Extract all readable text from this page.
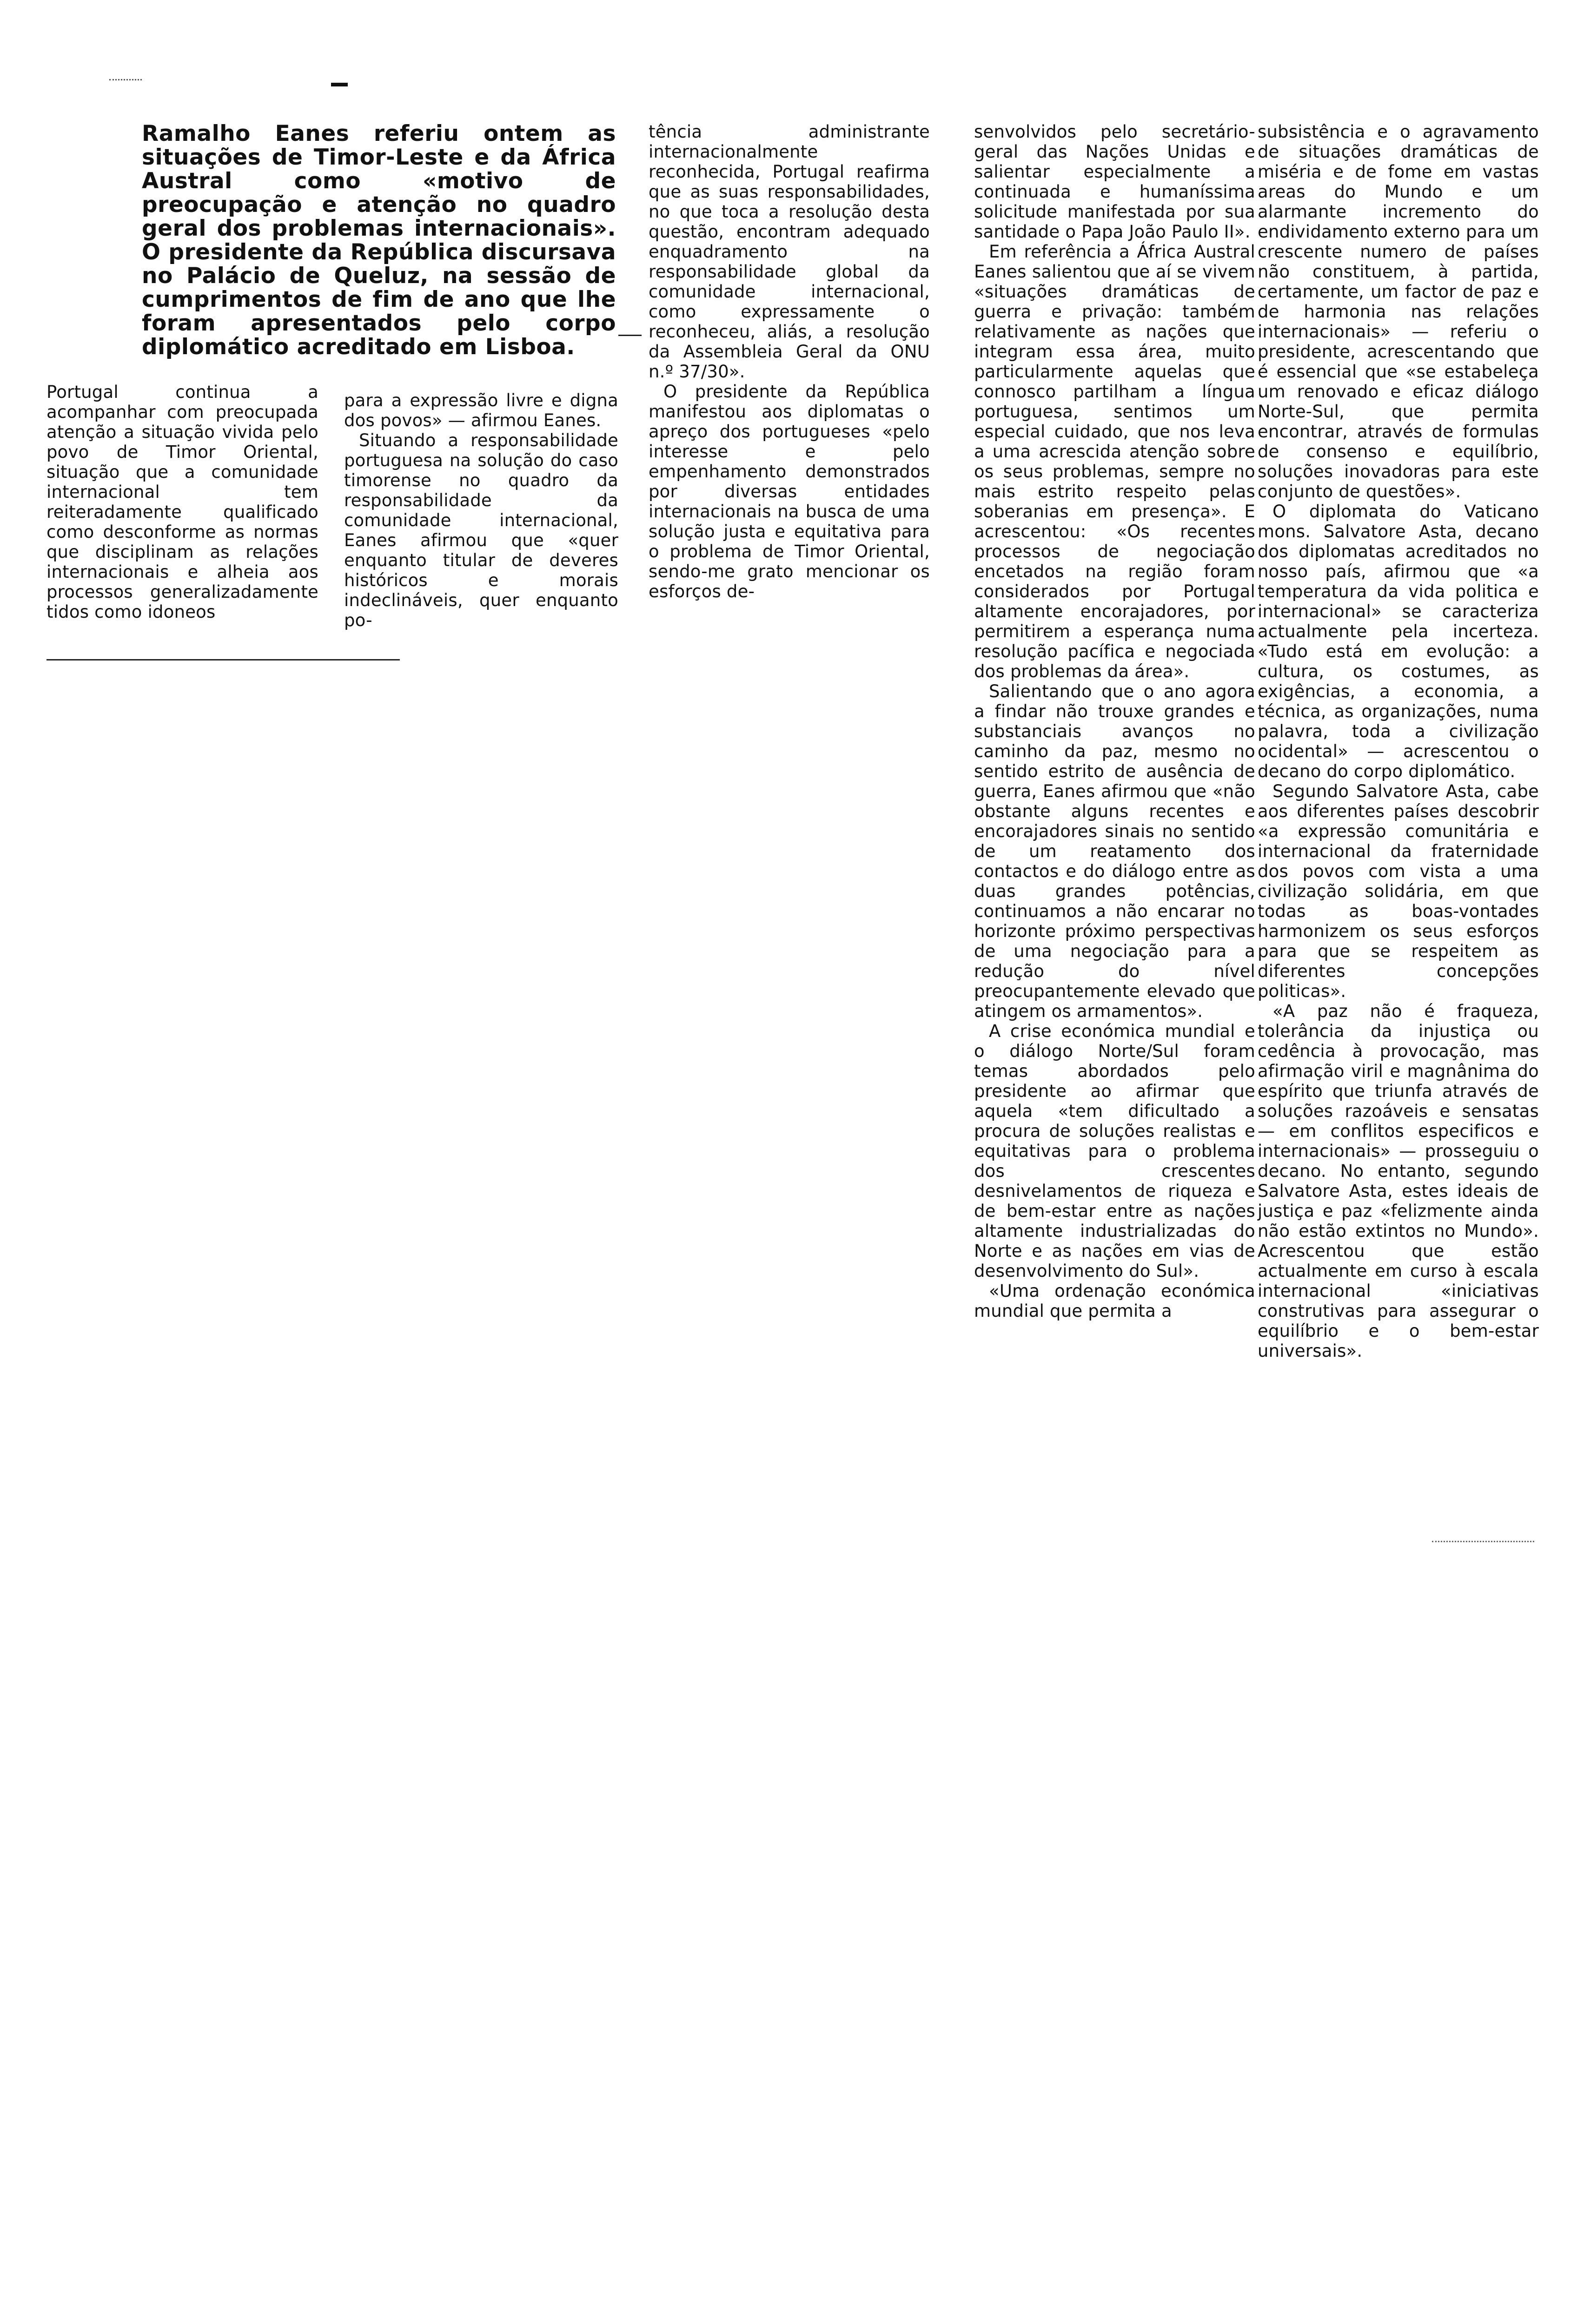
Ramalho Eanes referiu ontem as situações de Timor-Leste e da África Austral como «motivo de preocupação e atenção no quadro geral dos problemas internacionais». O presidente da República discursava no Palácio de Queluz, na sessão de cumprimentos de fim de ano que lhe foram apresentados pelo corpo diplomático acreditado em Lisboa.

Portugal continua a acompanhar com preocupada atenção a situação vivida pelo povo de Timor Oriental, situação que a comunidade internacional tem reiteradamente qualificado como desconforme as normas que disciplinam as relações internacionais e alheia aos processos generalizadamente tidos como idoneos

para a expressão livre e digna dos povos» — afirmou Eanes.

Situando a responsabilidade portuguesa na solução do caso timorense no quadro da responsabilidade da comunidade internacional, Eanes afirmou que «quer enquanto titular de deveres históricos e morais indeclináveis, quer enquanto po-

tência administrante internacionalmente reconhecida, Portugal reafirma que as suas responsabilidades, no que toca a resolução desta questão, encontram adequado enquadramento na responsabilidade global da comunidade internacional, como expressamente o reconheceu, aliás, a resolução da Assembleia Geral da ONU n.º 37/30».

O presidente da República manifestou aos diplomatas o apreço dos portugueses «pelo interesse e pelo empenhamento demonstrados por diversas entidades internacionais na busca de uma solução justa e equitativa para o problema de Timor Oriental, sendo-me grato mencionar os esforços de-

senvolvidos pelo secretário-geral das Nações Unidas e salientar especialmente a continuada e humaníssima solicitude manifestada por sua santidade o Papa João Paulo II».

Em referência a África Austral Eanes salientou que aí se vivem «situações dramáticas de guerra e privação: também relativamente as nações que integram essa área, muito particularmente aquelas que connosco partilham a língua portuguesa, sentimos um especial cuidado, que nos leva a uma acrescida atenção sobre os seus problemas, sempre no mais estrito respeito pelas soberanias em presença». E acrescentou: «Os recentes processos de negociação encetados na região foram considerados por Portugal altamente encorajadores, por permitirem a esperança numa resolução pacífica e negociada dos problemas da área».

Salientando que o ano agora a findar não trouxe grandes e substanciais avanços no caminho da paz, mesmo no sentido estrito de ausência de guerra, Eanes afirmou que «não obstante alguns recentes e encorajadores sinais no sentido de um reatamento dos contactos e do diálogo entre as duas grandes potências, continuamos a não encarar no horizonte próximo perspectivas de uma negociação para a redução do nível preocupantemente elevado que atingem os armamentos».

A crise económica mundial e o diálogo Norte/Sul foram temas abordados pelo presidente ao afirmar que aquela «tem dificultado a procura de soluções realistas e equitativas para o problema dos crescentes desnivelamentos de riqueza e de bem-estar entre as nações altamente industrializadas do Norte e as nações em vias de desenvolvimento do Sul».

«Uma ordenação económica mundial que permita a

subsistência e o agravamento de situações dramáticas de miséria e de fome em vastas areas do Mundo e um alarmante incremento do endividamento externo para um crescente numero de países não constituem, à partida, certamente, um factor de paz e de harmonia nas relações internacionais» — referiu o presidente, acrescentando que é essencial que «se estabeleça um renovado e eficaz diálogo Norte-Sul, que permita encontrar, através de formulas de consenso e equilíbrio, soluções inovadoras para este conjunto de questões».

O diplomata do Vaticano mons. Salvatore Asta, decano dos diplomatas acreditados no nosso país, afirmou que «a temperatura da vida politica e internacional» se caracteriza actualmente pela incerteza. «Tudo está em evolução: a cultura, os costumes, as exigências, a economia, a técnica, as organizações, numa palavra, toda a civilização ocidental» — acrescentou o decano do corpo diplomático.

Segundo Salvatore Asta, cabe aos diferentes países descobrir «a expressão comunitária e internacional da fraternidade dos povos com vista a uma civilização solidária, em que todas as boas-vontades harmonizem os seus esforços para que se respeitem as diferentes concepções politicas».

«A paz não é fraqueza, tolerância da injustiça ou cedência à provocação, mas afirmação viril e magnânima do espírito que triunfa através de soluções razoáveis e sensatas — em conflitos especificos e internacionais» — prosseguiu o decano. No entanto, segundo Salvatore Asta, estes ideais de justiça e paz «felizmente ainda não estão extintos no Mundo». Acrescentou que estão actualmente em curso à escala internacional «iniciativas construtivas para assegurar o equilíbrio e o bem-estar universais».
